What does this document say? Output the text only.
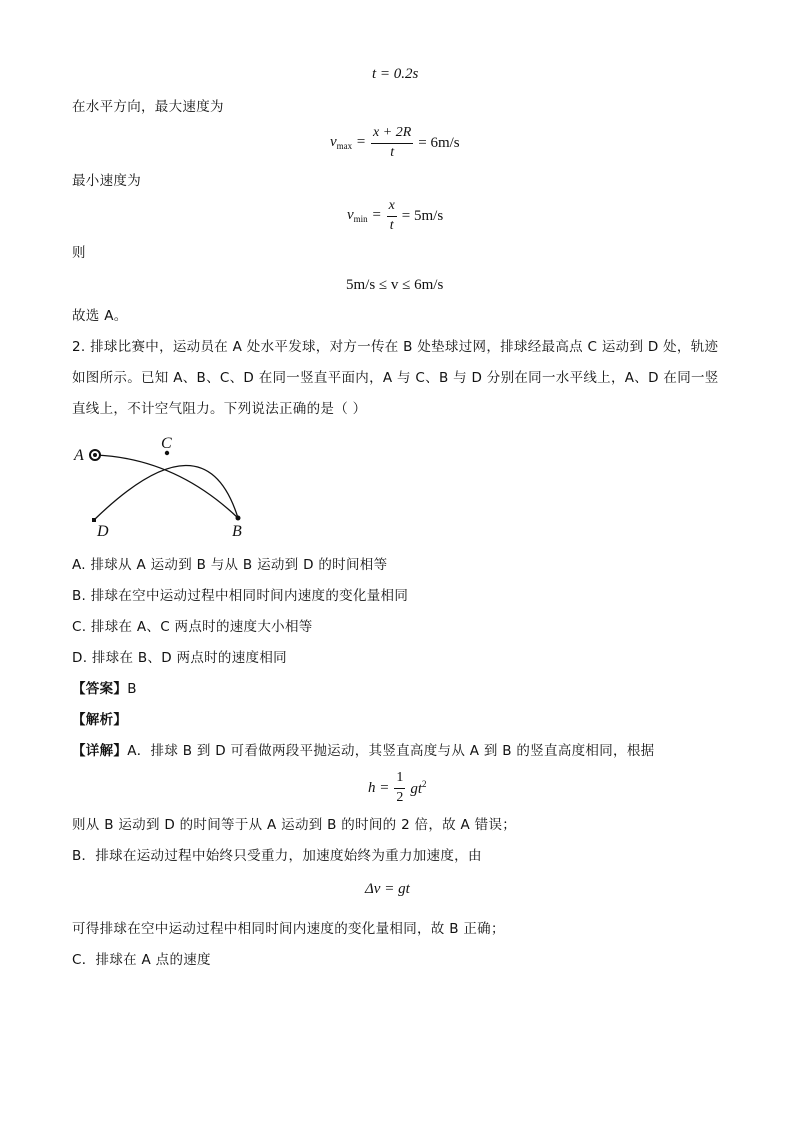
t = 0.2s
在水平方向，最大速度为
$v_{max} = \frac{x + 2R}{t} = 6m/s$
最小速度为
$v_{min} = \frac{x}{t} = 5m/s$
则
5m/s ≤ v ≤ 6m/s
故选 A。
2. 排球比赛中，运动员在 A 处水平发球，对方一传在 B 处垫球过网，排球经最高点 C 运动到 D 处，轨迹
如图所示。已知 A、B、C、D 在同一竖直平面内，A 与 C、B 与 D 分别在同一水平线上，A、D 在同一竖
直线上，不计空气阻力。下列说法正确的是（ ）
A
C
B
D
A. 排球从 A 运动到 B 与从 B 运动到 D 的时间相等
B. 排球在空中运动过程中相同时间内速度的变化量相同
C. 排球在 A、C 两点时的速度大小相等
D. 排球在 B、D 两点时的速度相同
【答案】B
【解析】
【详解】A．排球 B 到 D 可看做两段平抛运动，其竖直高度与从 A 到 B 的竖直高度相同，根据
$h = \frac{1}{2} gt^2$
则从 B 运动到 D 的时间等于从 A 运动到 B 的时间的 2 倍，故 A 错误；
B．排球在运动过程中始终只受重力，加速度始终为重力加速度，由
Δv = gt
可得排球在空中运动过程中相同时间内速度的变化量相同，故 B 正确；
C．排球在 A 点的速度
